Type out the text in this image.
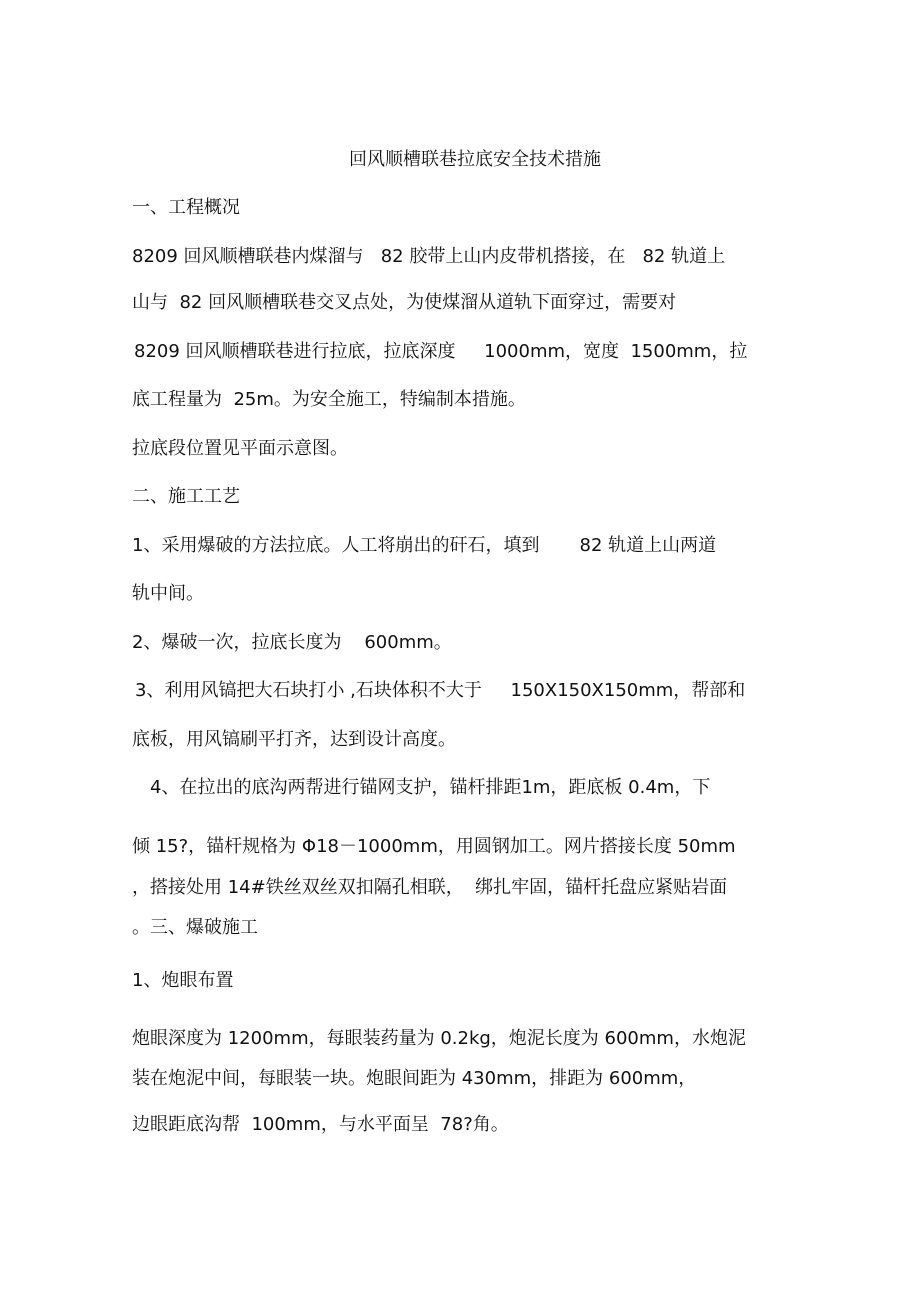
回风顺槽联巷拉底安全技术措施
一、工程概况
8209 回风顺槽联巷内煤溜与   82 胶带上山内皮带机搭接，在   82 轨道上
山与  82 回风顺槽联巷交叉点处，为使煤溜从道轨下面穿过，需要对
8209 回风顺槽联巷进行拉底，拉底深度     1000mm，宽度  1500mm，拉
底工程量为  25m。为安全施工，特编制本措施。
拉底段位置见平面示意图。
二、施工工艺
1、采用爆破的方法拉底。人工将崩出的矸石，填到       82 轨道上山两道
轨中间。
2、爆破一次，拉底长度为    600mm。
3、利用风镐把大石块打小 ,石块体积不大于     150X150X150mm，帮部和
底板，用风镐刷平打齐，达到设计高度。
4、在拉出的底沟两帮进行锚网支护，锚杆排距1m，距底板 0.4m，下
倾 15?，锚杆规格为 Φ18－1000mm，用圆钢加工。网片搭接长度 50mm
，搭接处用 14#铁丝双丝双扣隔孔相联，  绑扎牢固，锚杆托盘应紧贴岩面
。三、爆破施工
1、炮眼布置
炮眼深度为 1200mm，每眼装药量为 0.2kg，炮泥长度为 600mm，水炮泥
装在炮泥中间，每眼装一块。炮眼间距为 430mm，排距为 600mm，
边眼距底沟帮  100mm，与水平面呈  78?角。
